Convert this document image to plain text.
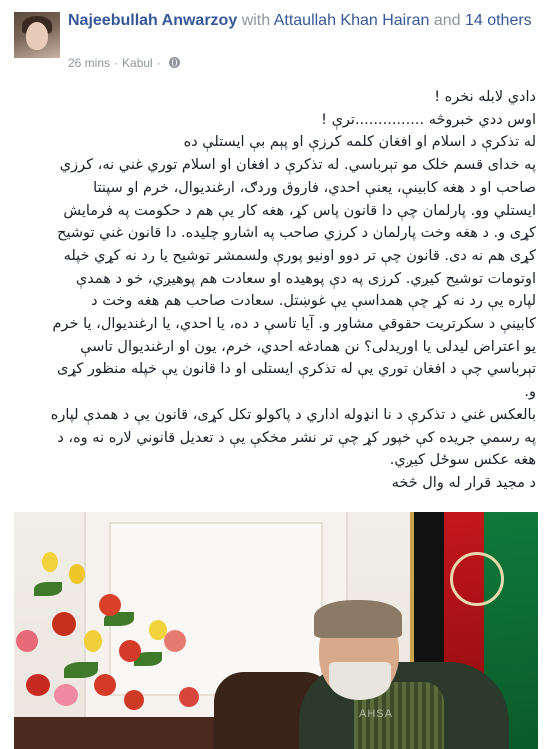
Najeebullah Anwarzoy with Attaullah Khan Hairan and 14 others
26 mins · Kabul ·

دادي لابله نخره !

اوس ددي خبروڅه ...............ترې !

له تذکرې د اسلام او افغان کلمه کرزې او پېم بې ايستلې ده

په خداى قسم خلک مو تېرباسي. له تذکرې د افغان او اسلام توري غني نه، کرزي

صاحب او د هغه کابينې، يعنې احدي، فاروق وردګ، ارغنديوال، خرم او سپنتا

ايستلي وو. پارلمان چې دا قانون پاس کړ، هغه کار يې هم د حکومت په فرمايش

کړی و. د هغه وخت پارلمان د کرزي صاحب په اشارو چليده. دا قانون غني توشيح

کړی هم نه دی. قانون چې تر دوو اونيو پورې ولسمشر توشيح يا رد نه کړي خپله

اوتومات توشيح کيږي. کرزی په دې پوهيده او سعادت هم پوهيږي، خو د همدې

لپاره يې رد نه کړ چې همداسې يې غوښتل. سعادت صاحب هم هغه وخت د

کابينې د سکرتريت حقوقي مشاور و. آيا تاسې د ده، يا احدي، يا ارغنديوال، يا خرم

يو اعتراض ليدلی يا اوريدلی؟ نن همادغه احدي، خرم، يون او ارغنديوال تاسې

تېرباسي چې د افغان توري يې له تذکرې ايستلی او دا قانون يې خپله منظور کړی

و.

بالعکس غني د تذکرې د نا انډوله اداري د پاکولو تکل کړی، قانون يې د همدې لپاره

په رسمي جريده کې خپور کړ چې تر نشر مخکې يې د تعديل قانوني لاره نه وه، د

هغه عکس سوځل کيږي.

د مجيد قرار له وال څخه

AHSA
